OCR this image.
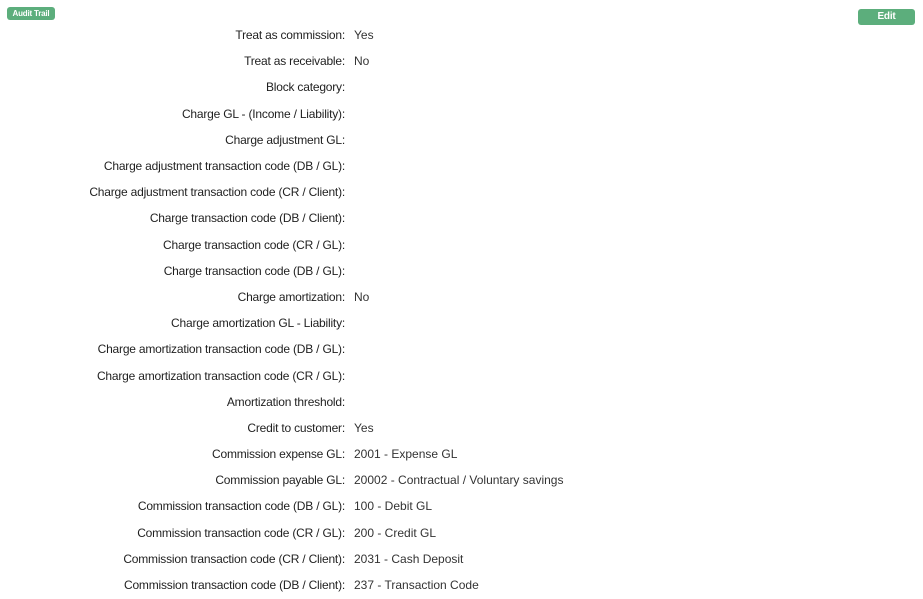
Audit Trail	Edit
Treat as commission: Yes
Treat as receivable: No
Block category:
Charge GL - (Income / Liability):
Charge adjustment GL:
Charge adjustment transaction code (DB / GL):
Charge adjustment transaction code (CR / Client):
Charge transaction code (DB / Client):
Charge transaction code (CR / GL):
Charge transaction code (DB / GL):
Charge amortization: No
Charge amortization GL - Liability:
Charge amortization transaction code (DB / GL):
Charge amortization transaction code (CR / GL):
Amortization threshold:
Credit to customer: Yes
Commission expense GL: 2001 - Expense GL
Commission payable GL: 20002 - Contractual / Voluntary savings
Commission transaction code (DB / GL): 100 - Debit GL
Commission transaction code (CR / GL): 200 - Credit GL
Commission transaction code (CR / Client): 2031 - Cash Deposit
Commission transaction code (DB / Client): 237 - Transaction Code
